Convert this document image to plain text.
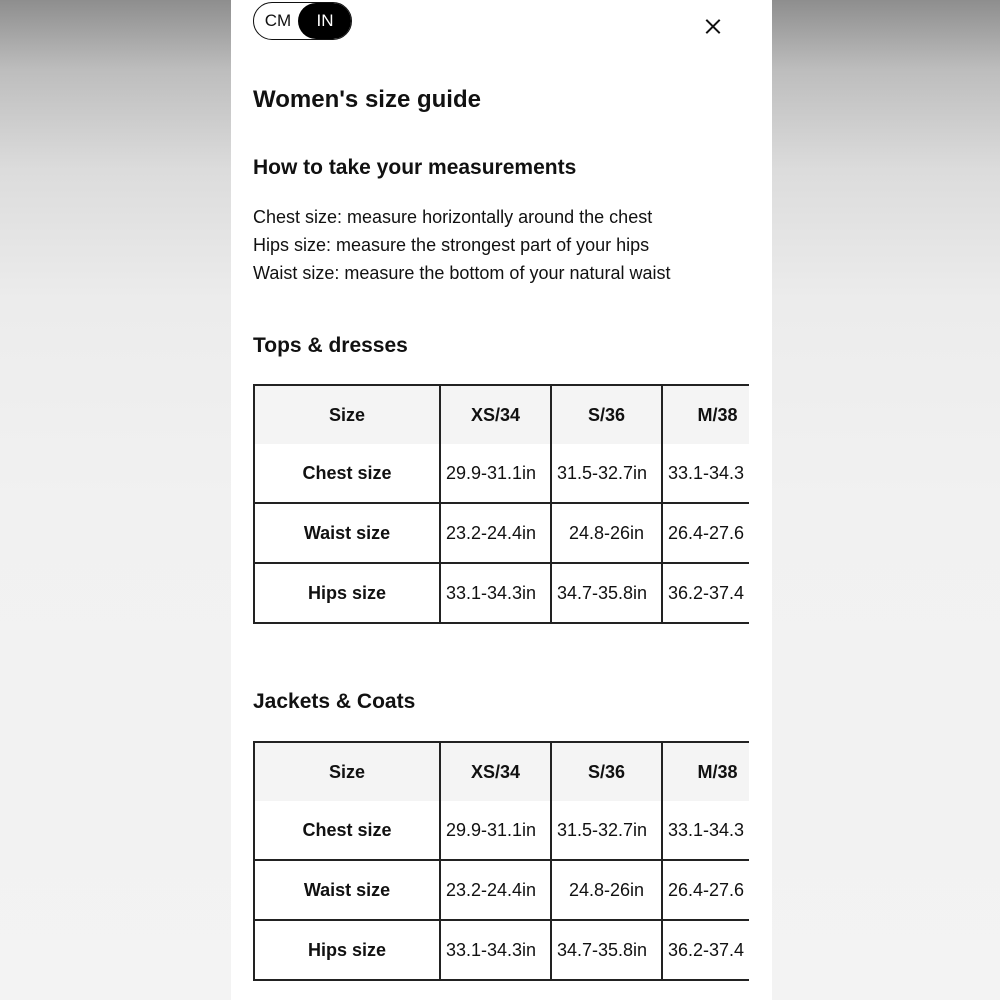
CM	IN
Women's size guide
How to take your measurements
Chest size: measure horizontally around the chest
Hips size: measure the strongest part of your hips
Waist size: measure the bottom of your natural waist
Tops & dresses
Size	XS/34	S/36	M/38	
Chest size	29.9-31.1in	31.5-32.7in	33.1-34.3	
Waist size	23.2-24.4in	24.8-26in	26.4-27.6	
Hips size	33.1-34.3in	34.7-35.8in	36.2-37.4	
Jackets & Coats
Size	XS/34	S/36	M/38	
Chest size	29.9-31.1in	31.5-32.7in	33.1-34.3	
Waist size	23.2-24.4in	24.8-26in	26.4-27.6	
Hips size	33.1-34.3in	34.7-35.8in	36.2-37.4	
